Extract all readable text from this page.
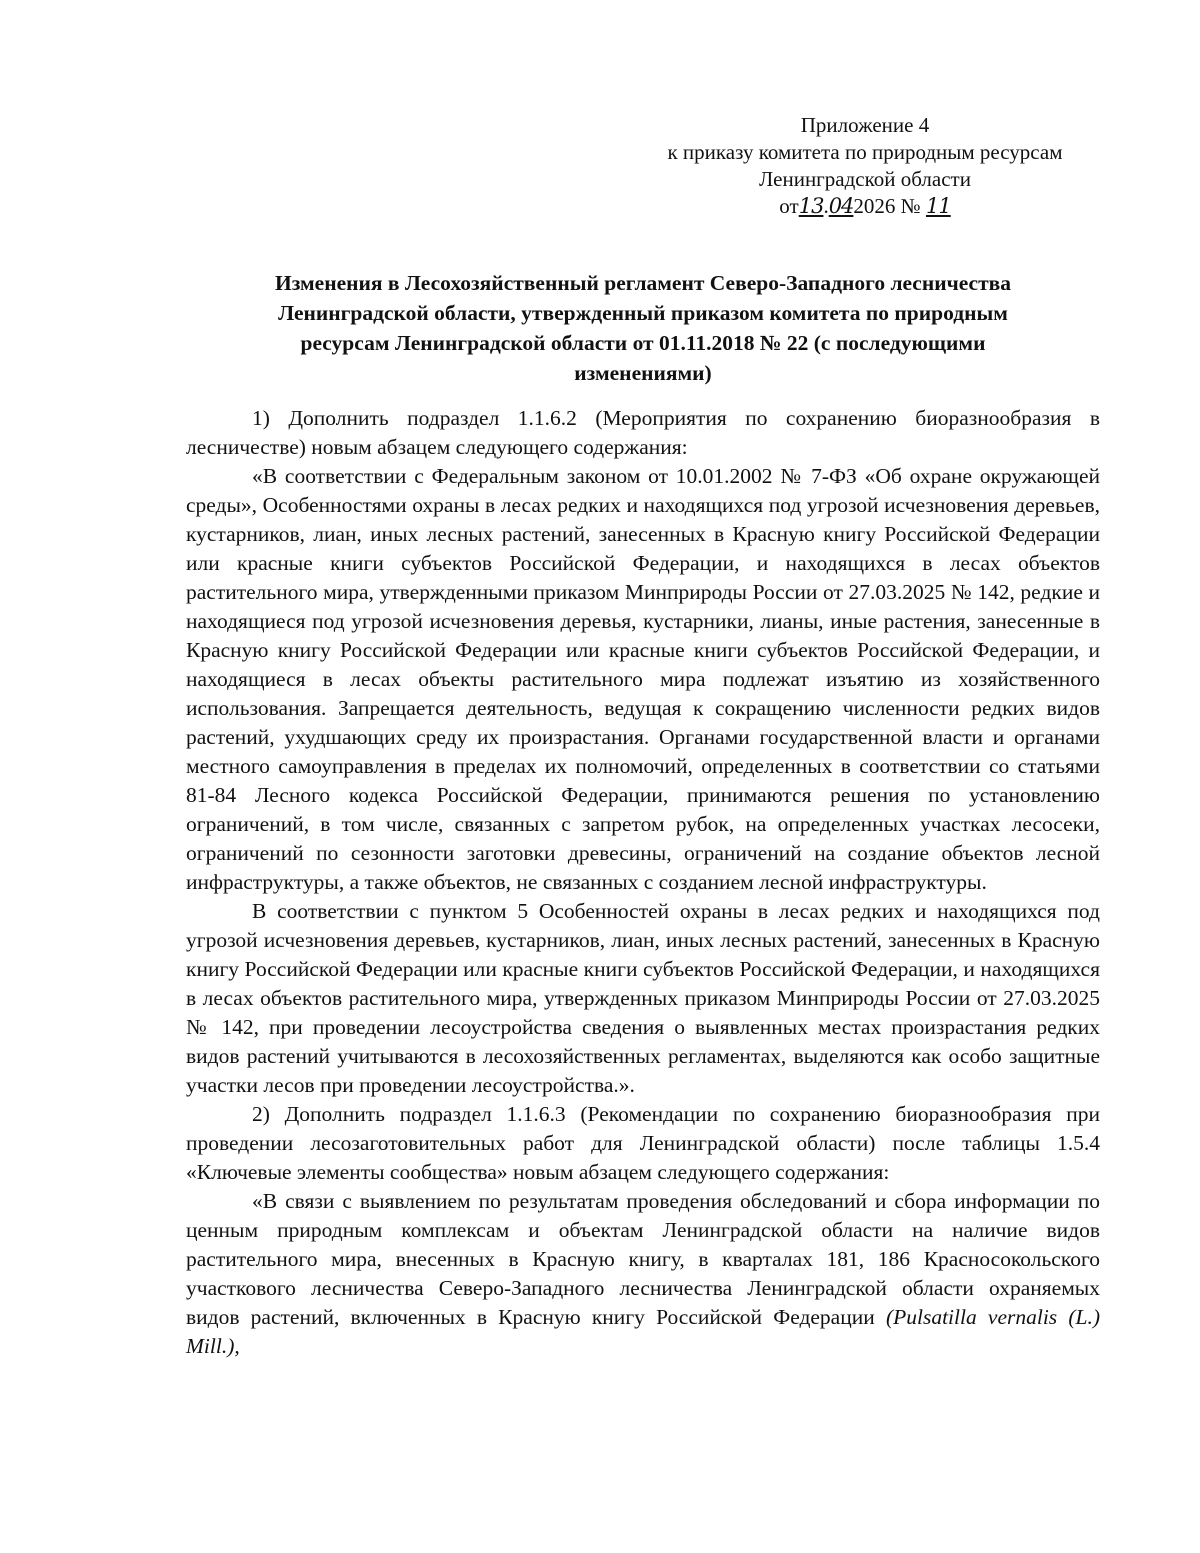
Приложение 4
к приказу комитета по природным ресурсам
Ленинградской области
от13.042026 № 11
Изменения в Лесохозяйственный регламент Северо-Западного лесничества
Ленинградской области, утвержденный приказом комитета по природным
ресурсам Ленинградской области от 01.11.2018 № 22 (с последующими
изменениями)

1) Дополнить подраздел 1.1.6.2 (Мероприятия по сохранению биоразнообразия в лесничестве) новым абзацем следующего содержания:

«В соответствии с Федеральным законом от 10.01.2002 № 7-ФЗ «Об охране окружающей среды», Особенностями охраны в лесах редких и находящихся под угрозой исчезновения деревьев, кустарников, лиан, иных лесных растений, занесенных в Красную книгу Российской Федерации или красные книги субъектов Российской Федерации, и находящихся в лесах объектов растительного мира, утвержденными приказом Минприроды России от 27.03.2025 № 142, редкие и находящиеся под угрозой исчезновения деревья, кустарники, лианы, иные растения, занесенные в Красную книгу Российской Федерации или красные книги субъектов Российской Федерации, и находящиеся в лесах объекты растительного мира подлежат изъятию из хозяйственного использования. Запрещается деятельность, ведущая к сокращению численности редких видов растений, ухудшающих среду их произрастания. Органами государственной власти и органами местного самоуправления в пределах их полномочий, определенных в соответствии со статьями 81-84 Лесного кодекса Российской Федерации, принимаются решения по установлению ограничений, в том числе, связанных с запретом рубок, на определенных участках лесосеки, ограничений по сезонности заготовки древесины, ограничений на создание объектов лесной инфраструктуры, а также объектов, не связанных с созданием лесной инфраструктуры.

В соответствии с пунктом 5 Особенностей охраны в лесах редких и находящихся под угрозой исчезновения деревьев, кустарников, лиан, иных лесных растений, занесенных в Красную книгу Российской Федерации или красные книги субъектов Российской Федерации, и находящихся в лесах объектов растительного мира, утвержденных приказом Минприроды России от 27.03.2025 № 142, при проведении лесоустройства сведения о выявленных местах произрастания редких видов растений учитываются в лесохозяйственных регламентах, выделяются как особо защитные участки лесов при проведении лесоустройства.».

2) Дополнить подраздел 1.1.6.3 (Рекомендации по сохранению биоразнообразия при проведении лесозаготовительных работ для Ленинградской области) после таблицы 1.5.4 «Ключевые элементы сообщества» новым абзацем следующего содержания:

«В связи с выявлением по результатам проведения обследований и сбора информации по ценным природным комплексам и объектам Ленинградской области на наличие видов растительного мира, внесенных в Красную книгу, в кварталах 181, 186 Красносокольского участкового лесничества Северо-Западного лесничества Ленинградской области охраняемых видов растений, включенных в Красную книгу Российской Федерации (Pulsatilla vernalis (L.) Mill.),
